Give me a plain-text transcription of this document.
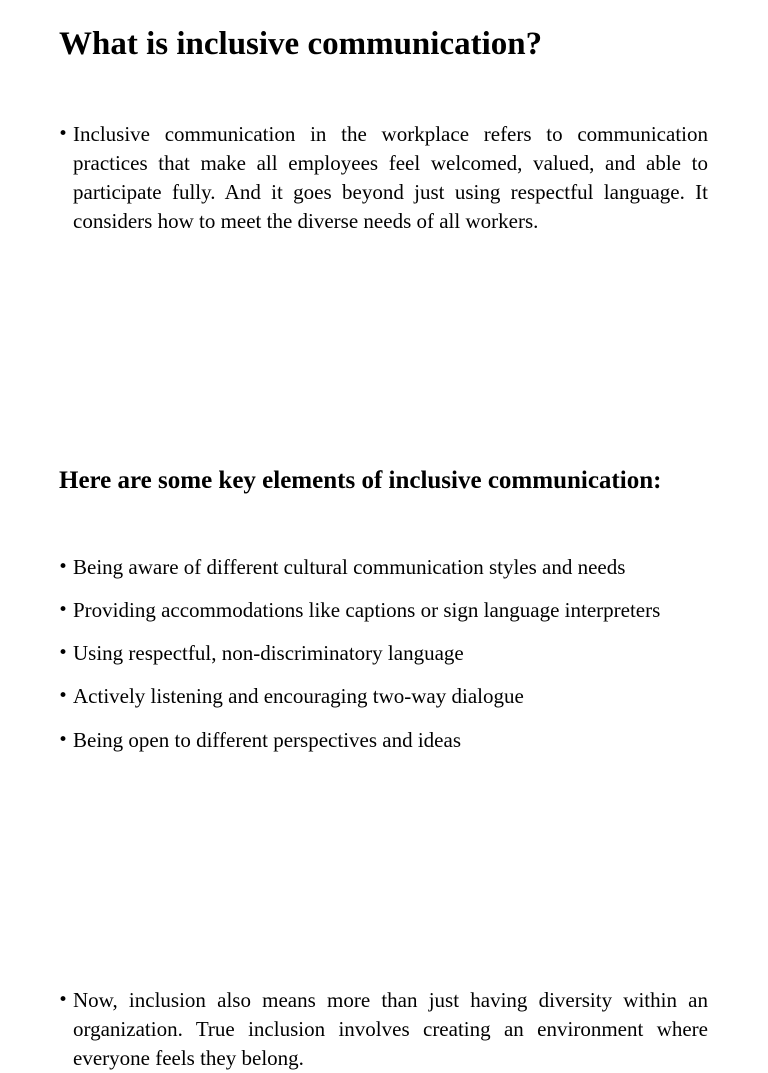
What is inclusive communication?
• Inclusive communication in the workplace refers to communication practices that make all employees feel welcomed, valued, and able to participate fully. And it goes beyond just using respectful language. It considers how to meet the diverse needs of all workers.

Here are some key elements of inclusive communication:
• Being aware of different cultural communication styles and needs
• Providing accommodations like captions or sign language interpreters
• Using respectful, non-discriminatory language
• Actively listening and encouraging two-way dialogue
• Being open to different perspectives and ideas
• Now, inclusion also means more than just having diversity within an organization. True inclusion involves creating an environment where everyone feels they belong.
